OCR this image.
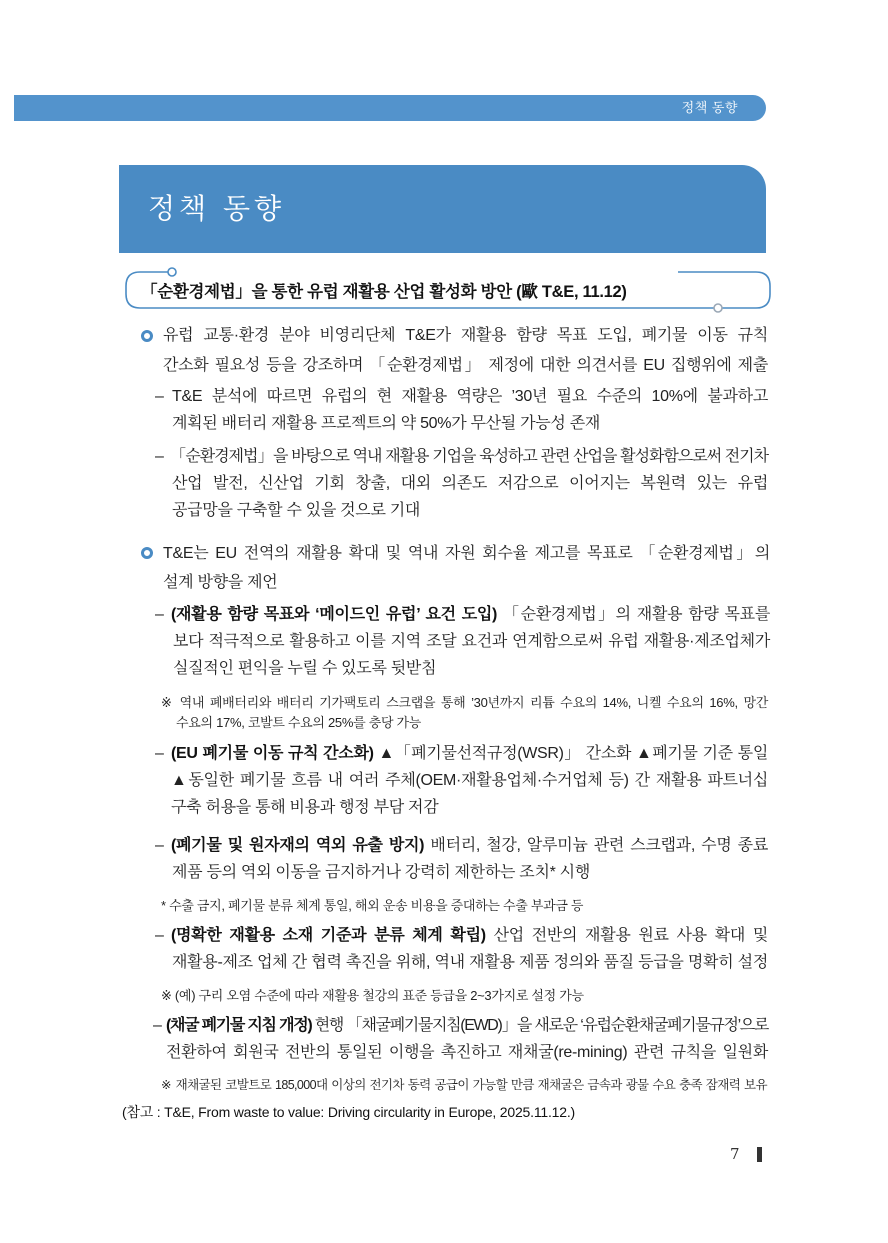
정책 동향
정책 동향
「순환경제법」을 통한 유럽 재활용 산업 활성화 방안 (歐 T&E, 11.12)
유럽 교통·환경 분야 비영리단체 T&E가 재활용 함량 목표 도입, 폐기물 이동 규칙
간소화 필요성 등을 강조하며 「순환경제법」 제정에 대한 의견서를 EU 집행위에 제출
– T&E 분석에 따르면 유럽의 현 재활용 역량은 ’30년 필요 수준의 10%에 불과하고
계획된 배터리 재활용 프로젝트의 약 50%가 무산될 가능성 존재
– 「순환경제법」을 바탕으로 역내 재활용 기업을 육성하고 관련 산업을 활성화함으로써 전기차
산업 발전, 신산업 기회 창출, 대외 의존도 저감으로 이어지는 복원력 있는 유럽
공급망을 구축할 수 있을 것으로 기대
T&E는 EU 전역의 재활용 확대 및 역내 자원 회수율 제고를 목표로 「순환경제법」의
설계 방향을 제언
– (재활용 함량 목표와 ‘메이드인 유럽’ 요건 도입) 「순환경제법」의 재활용 함량 목표를
보다 적극적으로 활용하고 이를 지역 조달 요건과 연계함으로써 유럽 재활용·제조업체가
실질적인 편익을 누릴 수 있도록 뒷받침
※ 역내 폐배터리와 배터리 기가팩토리 스크랩을 통해 ’30년까지 리튬 수요의 14%, 니켈 수요의 16%, 망간
수요의 17%, 코발트 수요의 25%를 충당 가능
– (EU 폐기물 이동 규칙 간소화) ▲「폐기물선적규정(WSR)」 간소화 ▲폐기물 기준 통일
▲동일한 폐기물 흐름 내 여러 주체(OEM·재활용업체·수거업체 등) 간 재활용 파트너십
구축 허용을 통해 비용과 행정 부담 저감
– (폐기물 및 원자재의 역외 유출 방지) 배터리, 철강, 알루미늄 관련 스크랩과, 수명 종료
제품 등의 역외 이동을 금지하거나 강력히 제한하는 조치* 시행
* 수출 금지, 폐기물 분류 체계 통일, 해외 운송 비용을 증대하는 수출 부과금 등
– (명확한 재활용 소재 기준과 분류 체계 확립) 산업 전반의 재활용 원료 사용 확대 및
재활용-제조 업체 간 협력 촉진을 위해, 역내 재활용 제품 정의와 품질 등급을 명확히 설정
※ (예) 구리 오염 수준에 따라 재활용 철강의 표준 등급을 2~3가지로 설정 가능
– (채굴 폐기물 지침 개정) 현행 「채굴폐기물지침(EWD)」을 새로운 ‘유럽순환채굴폐기물규정’으로
전환하여 회원국 전반의 통일된 이행을 촉진하고 재채굴(re-mining) 관련 규칙을 일원화
※ 재채굴된 코발트로 185,000대 이상의 전기차 동력 공급이 가능할 만큼 재채굴은 금속과 광물 수요 충족 잠재력 보유
(참고 : T&E, From waste to value: Driving circularity in Europe, 2025.11.12.)
7
